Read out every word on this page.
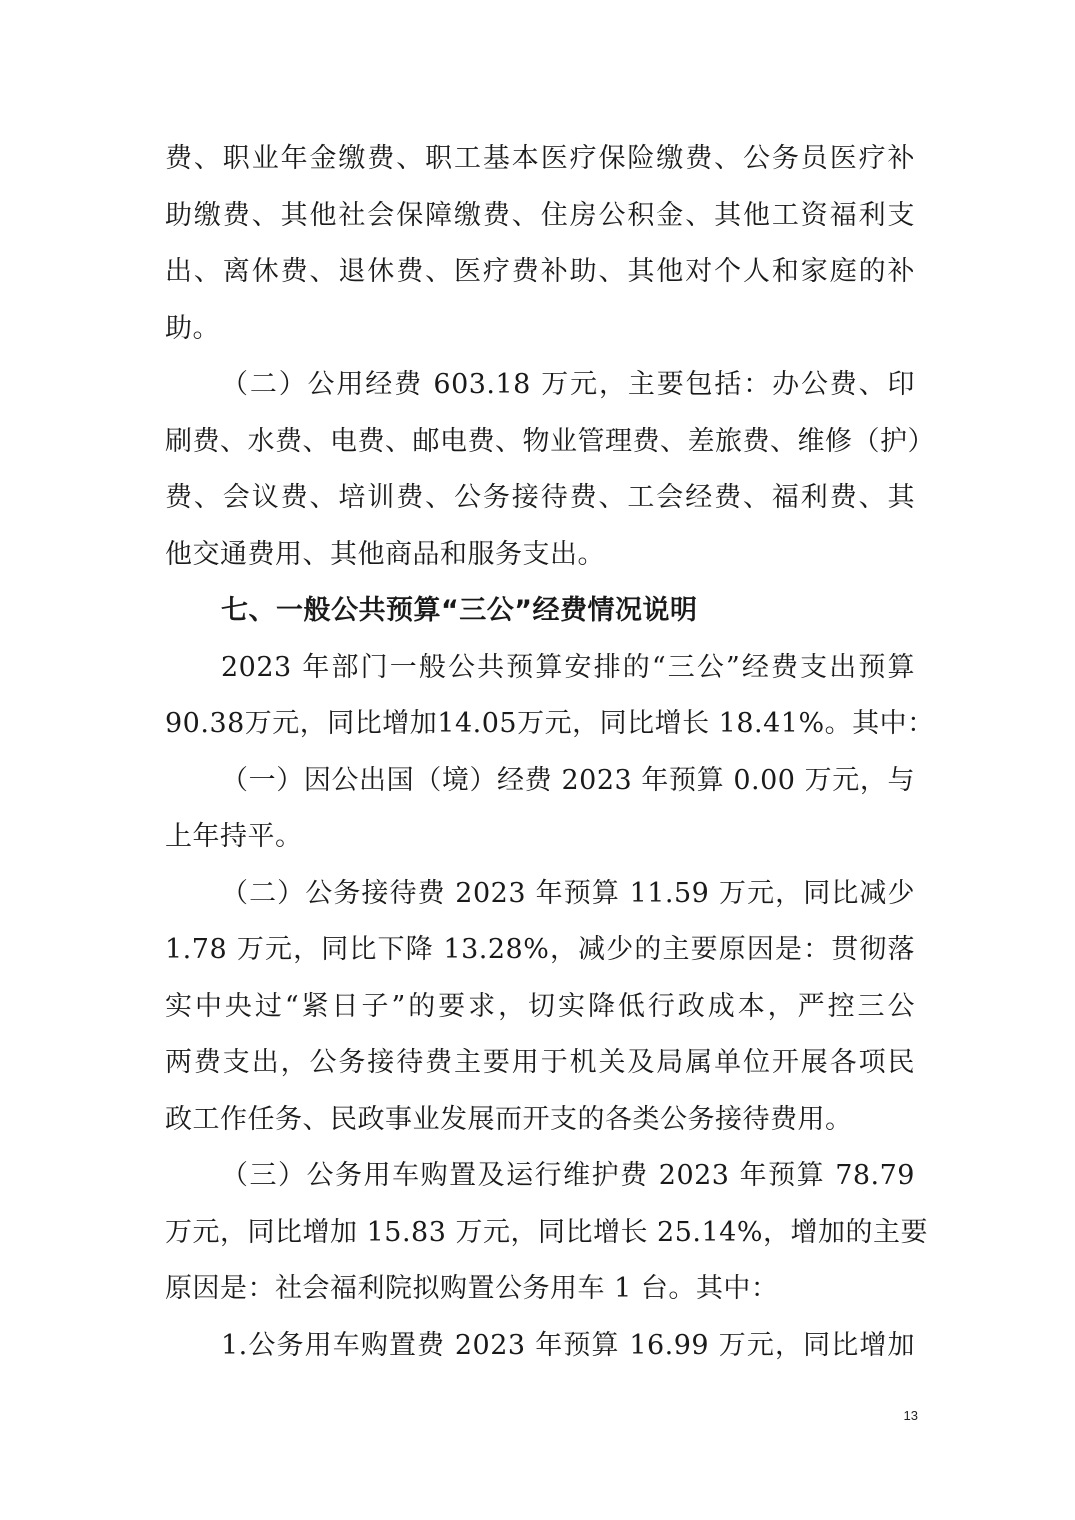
费、职业年金缴费、职工基本医疗保险缴费、公务员医疗补
助缴费、其他社会保障缴费、住房公积金、其他工资福利支
出、离休费、退休费、医疗费补助、其他对个人和家庭的补
助。
（二）公用经费 603.18 万元，主要包括：办公费、印
刷费、水费、电费、邮电费、物业管理费、差旅费、维修（护）
费、会议费、培训费、公务接待费、工会经费、福利费、其
他交通费用、其他商品和服务支出。
七、一般公共预算“三公”经费情况说明
2023 年部门一般公共预算安排的“三公”经费支出预算
90.38万元，同比增加14.05万元，同比增长 18.41%。其中：
（一）因公出国（境）经费 2023 年预算 0.00 万元，与
上年持平。
（二）公务接待费 2023 年预算 11.59 万元，同比减少
1.78 万元，同比下降 13.28%，减少的主要原因是：贯彻落
实中央过“紧日子”的要求，切实降低行政成本，严控三公
两费支出，公务接待费主要用于机关及局属单位开展各项民
政工作任务、民政事业发展而开支的各类公务接待费用。
（三）公务用车购置及运行维护费 2023 年预算 78.79
万元，同比增加 15.83 万元，同比增长 25.14%，增加的主要
原因是：社会福利院拟购置公务用车 1 台。其中：
1.公务用车购置费 2023 年预算 16.99 万元，同比增加
13
